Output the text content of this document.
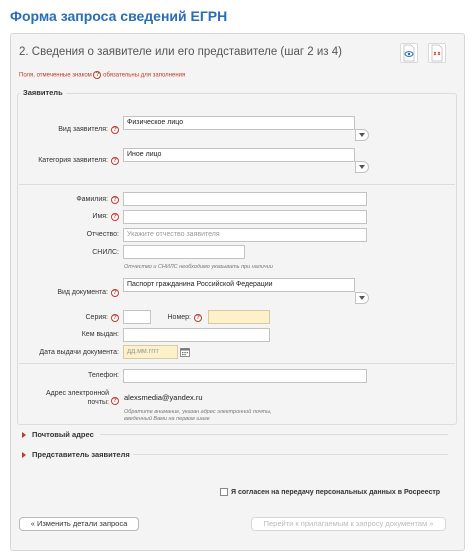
Форма запроса сведений ЕГРН
2. Сведения о заявителе или его представителе (шаг 2 из 4)
Поля, отмеченные знаком ? обязательны для заполнения
Заявитель
Вид заявителя: ?
Физическое лицо
Категория заявителя: ?
Иное лицо
Фамилия: ?
Имя: ?
Отчество:	Укажите отчество заявителя
СНИЛС:
Отчество и СНИЛС необходимо указывать при наличии
Вид документа: ?
Паспорт гражданина Российской Федерации
Серия: ?	Номер: ?
Кем выдан:
Дата выдачи документа:	дд.мм.гггг
Телефон:
Адрес электронной
почты: ? alexsmedia@yandex.ru
Обратите внимание, указан адрес электронной почты,
введенный Вами на первом шаге
Почтовый адрес
Представитель заявителя
Я согласен на передачу персональных данных в Росреестр
« Изменить детали запроса	Перейти к прилагаемым к запросу документам »
